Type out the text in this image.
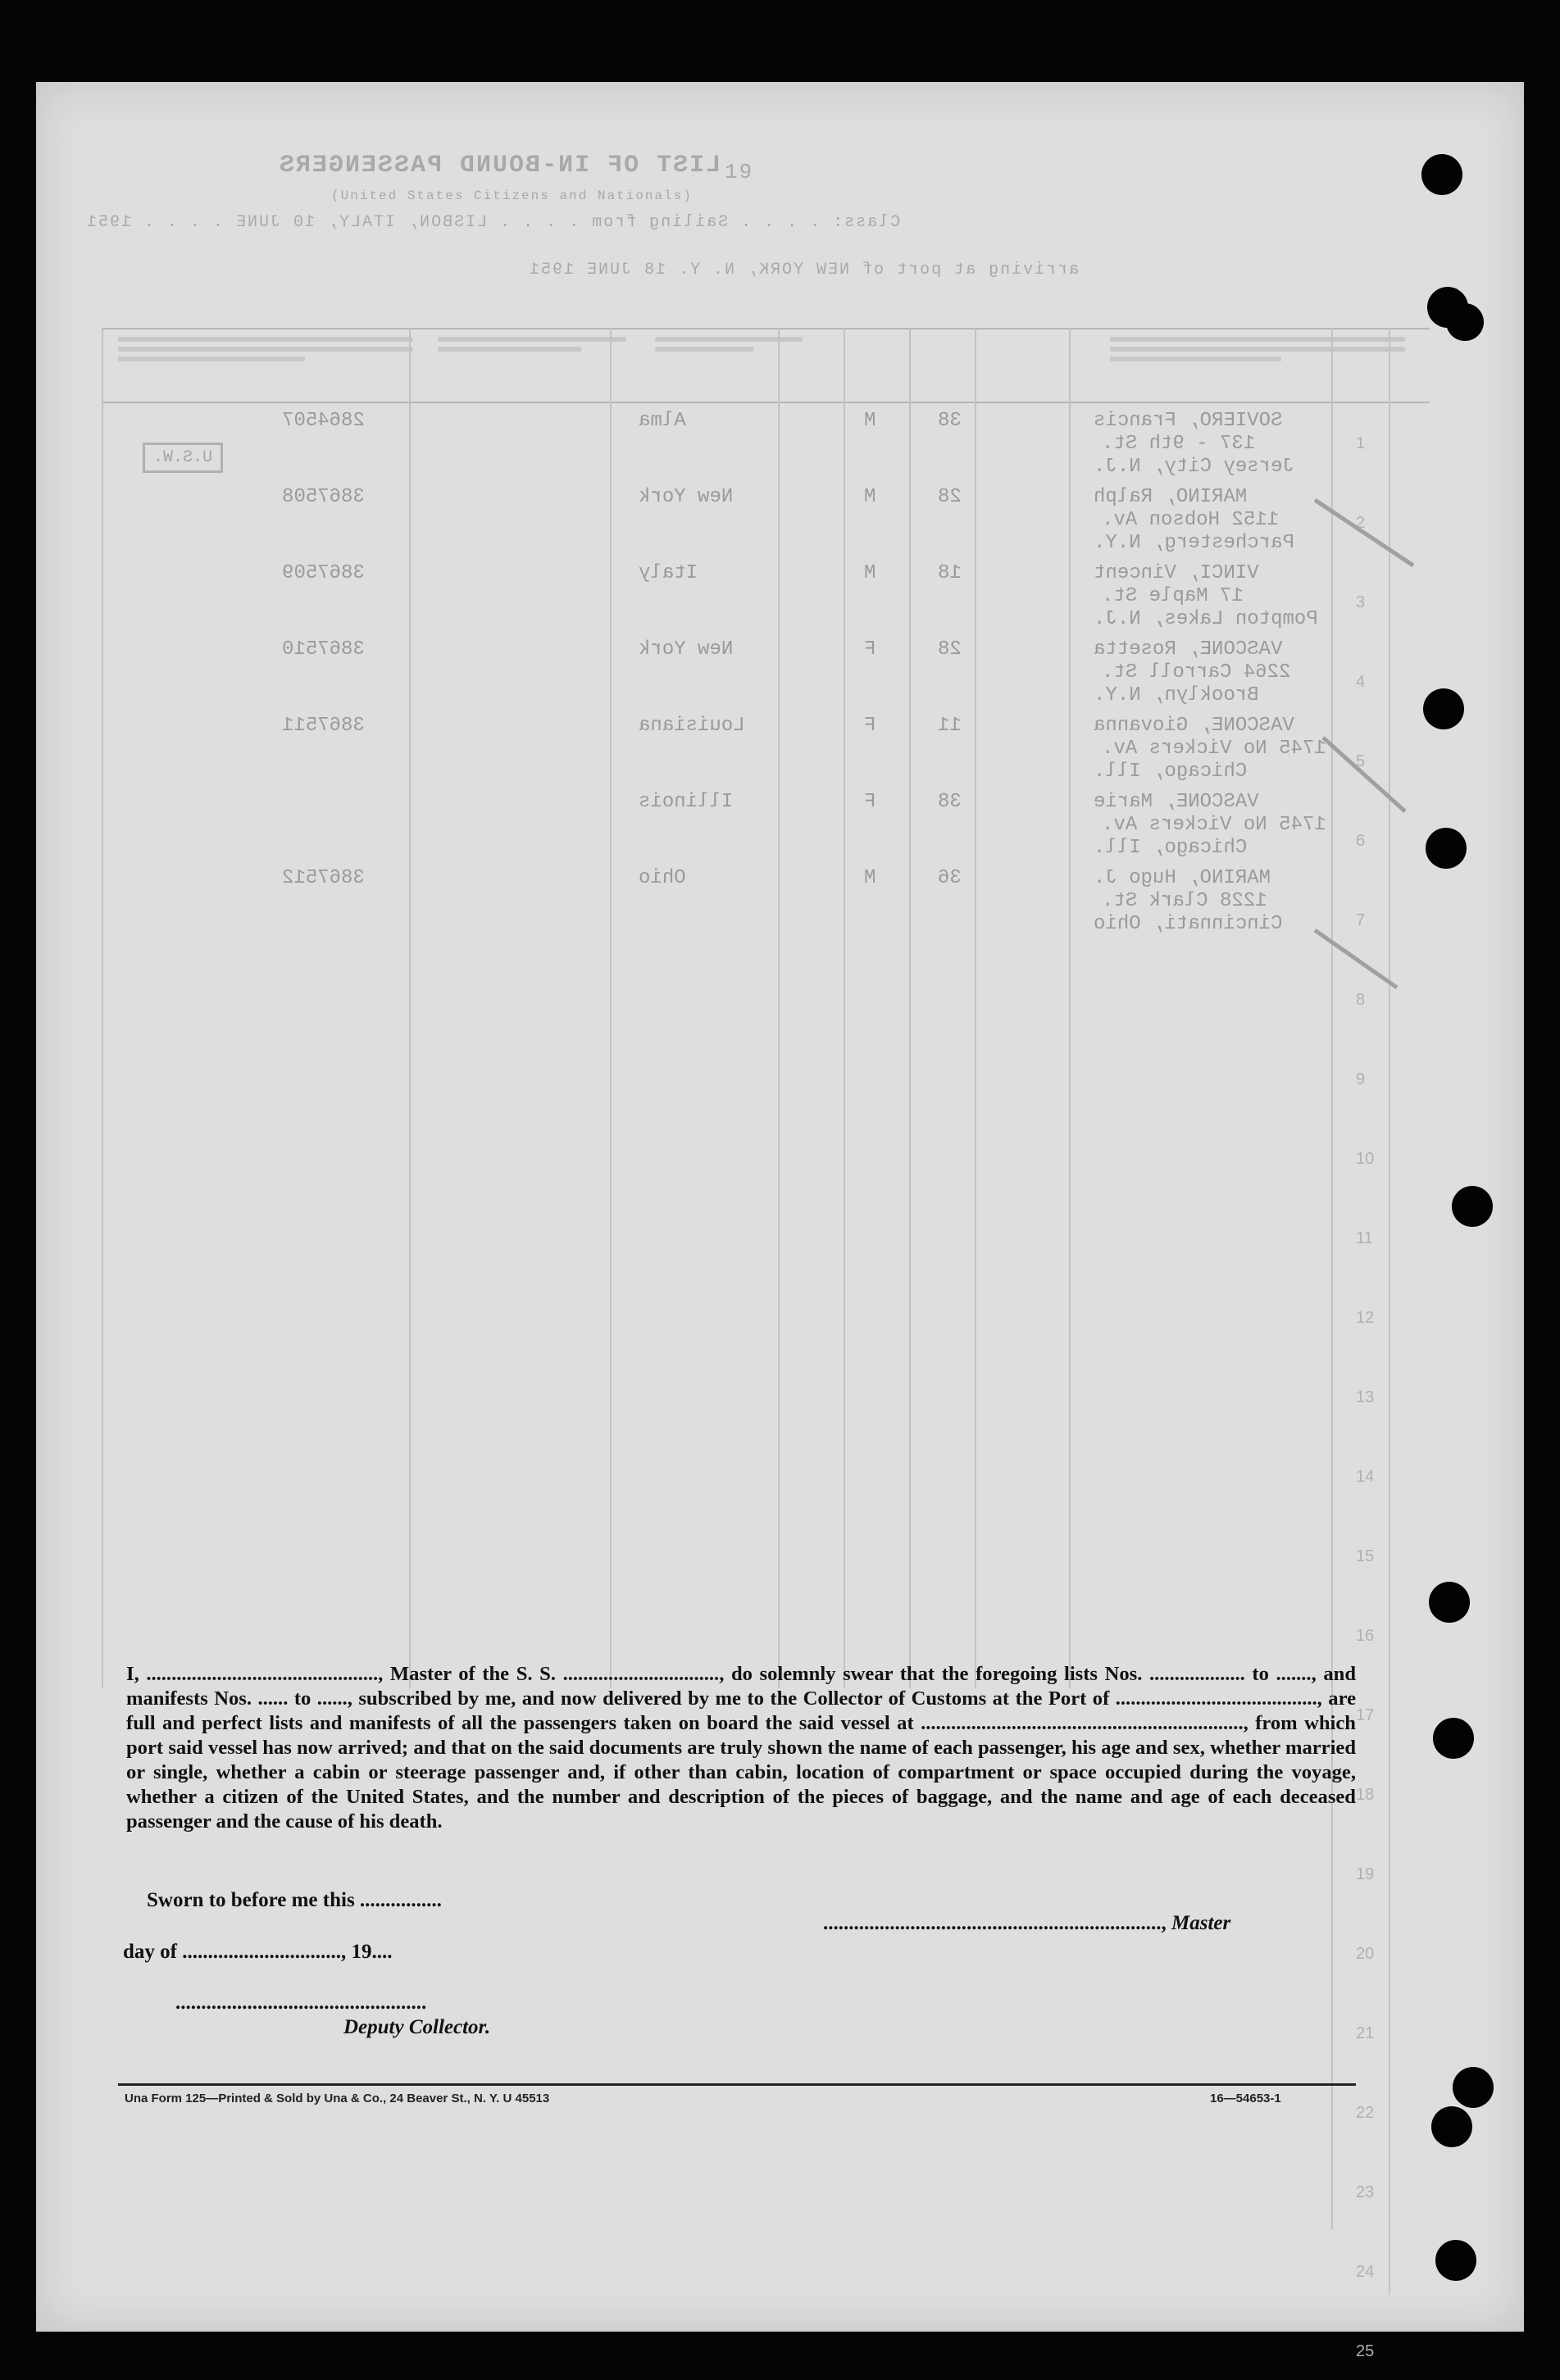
19
LIST OF IN-BOUND PASSENGERS
(United States Citizens and Nationals)
Class: . . . . Sailing from . . . . LISBON, ITALY, 10 JUNE . . . . 1951
arriving at port of NEW YORK, N. Y. 18 JUNE 1951
1
2
3
4
5
6
7
8
9
10
11
12
13
14
15
16
17
18
19
20
21
22
23
24
25
SOVIERO, Francis
137 - 9th St.
Jersey City, N.J.
38
M
Alma
2864507
MARINO, Ralph
1152 Hobson Av.
Parchesterg, N.Y.
28
M
New York
3867508
VINCI, Vincent
17 Maple St.
Pompton Lakes, N.J.
18
M
Italy
3867509
VASCONE, Rosetta
2264 Carroll St.
Brooklyn, N.Y.
28
F
New York
3867510
VASCONE, Giovanna
1745 No Vickers Av.
Chicago, Ill.
11
F
Louisiana
3867511
VASCONE, Marie
1745 No Vickers Av.
Chicago, Ill.
38
F
Illinois
MARINO, Hugo J.
1228 Clark St.
Cincinnati, Ohio
36
M
Ohio
3867512
U.S.W.
I, .............................................., Master of the S. S. ..............................., do solemnly swear that the foregoing lists Nos. ................... to ......., and manifests Nos. ...... to ......, subscribed by me, and now delivered by me to the Collector of Customs at the Port of ........................................, are full and perfect lists and manifests of all the passengers taken on board the said vessel at ................................................................, from which port said vessel has now arrived; and that on the said documents are truly shown the name of each passenger, his age and sex, whether married or single, whether a cabin or steerage passenger and, if other than cabin, location of compartment or space occupied during the voyage, whether a citizen of the United States, and the number and description of the pieces of baggage, and the name and age of each deceased passenger and the cause of his death.
Sworn to before me this ................

.................................................................., Master

day of ..............................., 19....
.................................................
Deputy Collector.
Una Form 125—Printed & Sold by Una & Co., 24 Beaver St., N. Y. U 45513	16—54653-1
